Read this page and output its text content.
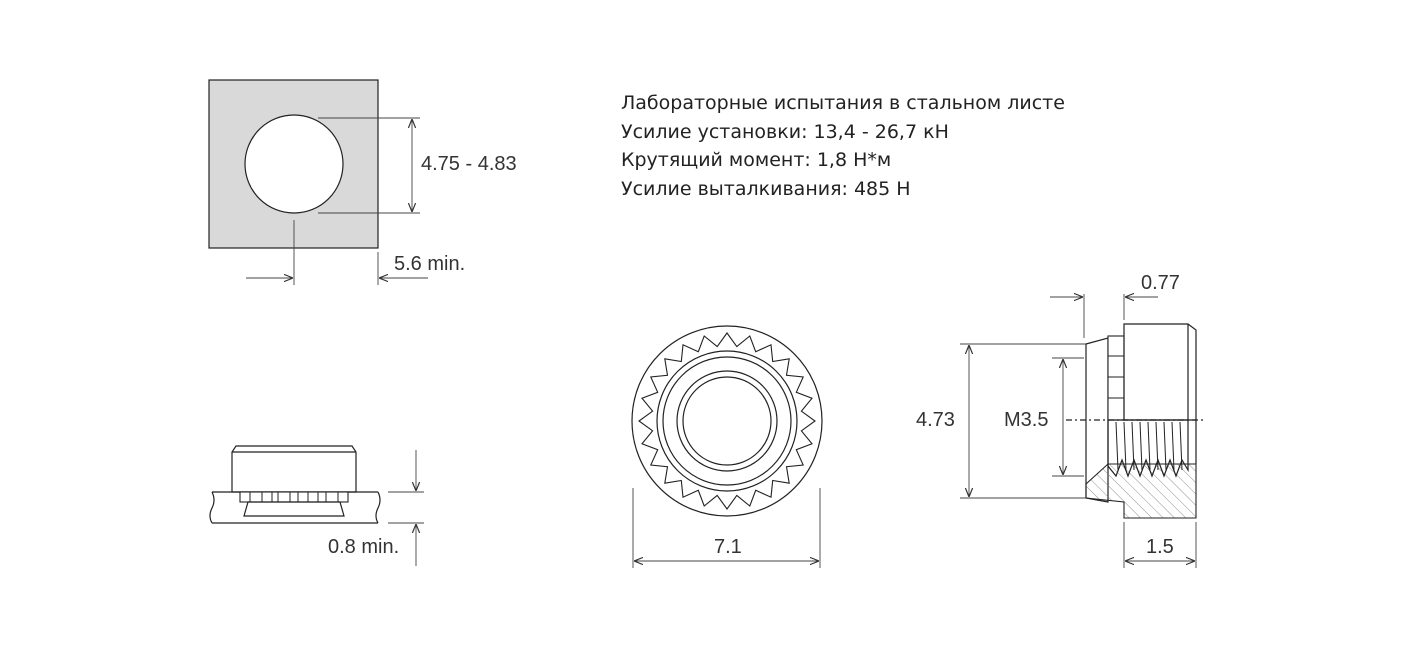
4.75 - 4.83
5.6 min.
0.8 min.	7.1
4.73 M3.5
0.77
1.5
Лабораторные испытания в стальном листе
Усилие установки: 13,4 - 26,7 кН
Крутящий момент: 1,8 Н*м
Усилие выталкивания: 485 Н
